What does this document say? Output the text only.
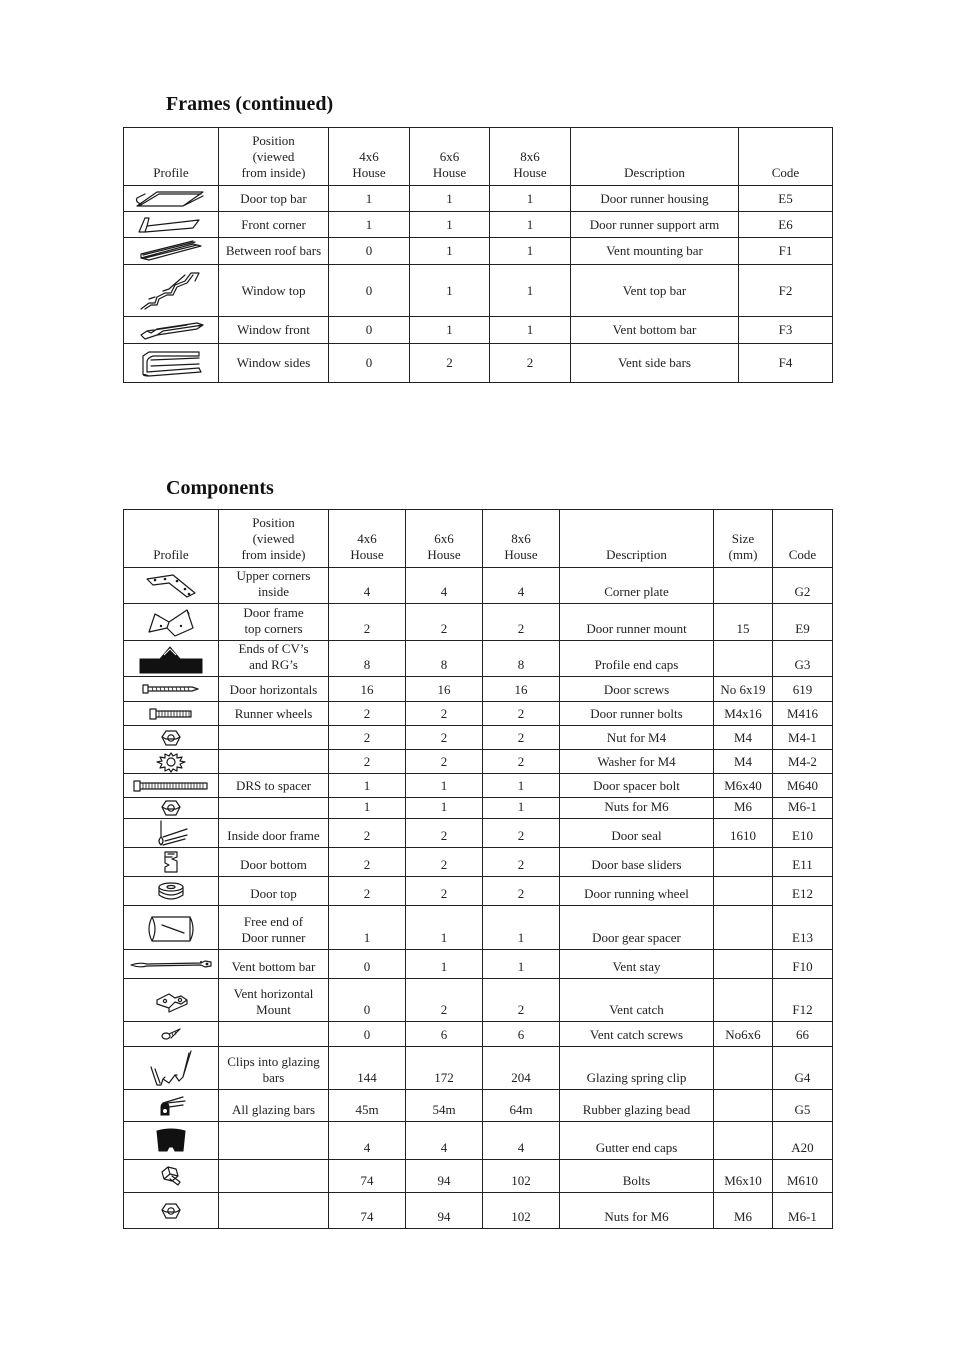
Frames (continued)
Profile	Position
(viewed
from inside)	4x6
House	6x6
House	8x6
House	Description	Code

	Door top bar	1	1	1	Door runner housing	E5

	Front corner	1	1	1	Door runner support arm	E6

	Between roof bars	0	1	1	Vent mounting bar	F1

	Window top	0	1	1	Vent top bar	F2

	Window front	0	1	1	Vent bottom bar	F3

	Window sides	0	2	2	Vent side bars	F4
Components
Profile	Position
(viewed
from inside)	4x6
House	6x6
House	8x6
House	Description	Size
(mm)	Code

Upper corners
inside	4	4	4	Corner plate		G2

Door frame
top corners	2	2	2	Door runner mount	15	E9

Ends of CV’s
and RG’s	8	8	8	Profile end caps		G3

Door horizontals	16	16	16	Door screws	No 6x19	619

Runner wheels	2	2	2	Door runner bolts	M4x16	M416

	2	2	2	Nut for M4	M4	M4-1

	2	2	2	Washer for M4	M4	M4-2

DRS to spacer	1	1	1	Door spacer bolt	M6x40	M640

	1	1	1	Nuts for M6	M6	M6-1

Inside door frame	2	2	2	Door seal	1610	E10

Door bottom	2	2	2	Door base sliders		E11

Door top	2	2	2	Door running wheel		E12

Free end of
Door runner	1	1	1	Door gear spacer		E13

Vent bottom bar	0	1	1	Vent stay		F10

Vent horizontal
Mount	0	2	2	Vent catch		F12

	0	6	6	Vent catch screws	No6x6	66

Clips into glazing
bars	144	172	204	Glazing spring clip		G4

All glazing bars	45m	54m	64m	Rubber glazing bead		G5

	4	4	4	Gutter end caps		A20

	74	94	102	Bolts	M6x10	M610

	74	94	102	Nuts for M6	M6	M6-1
